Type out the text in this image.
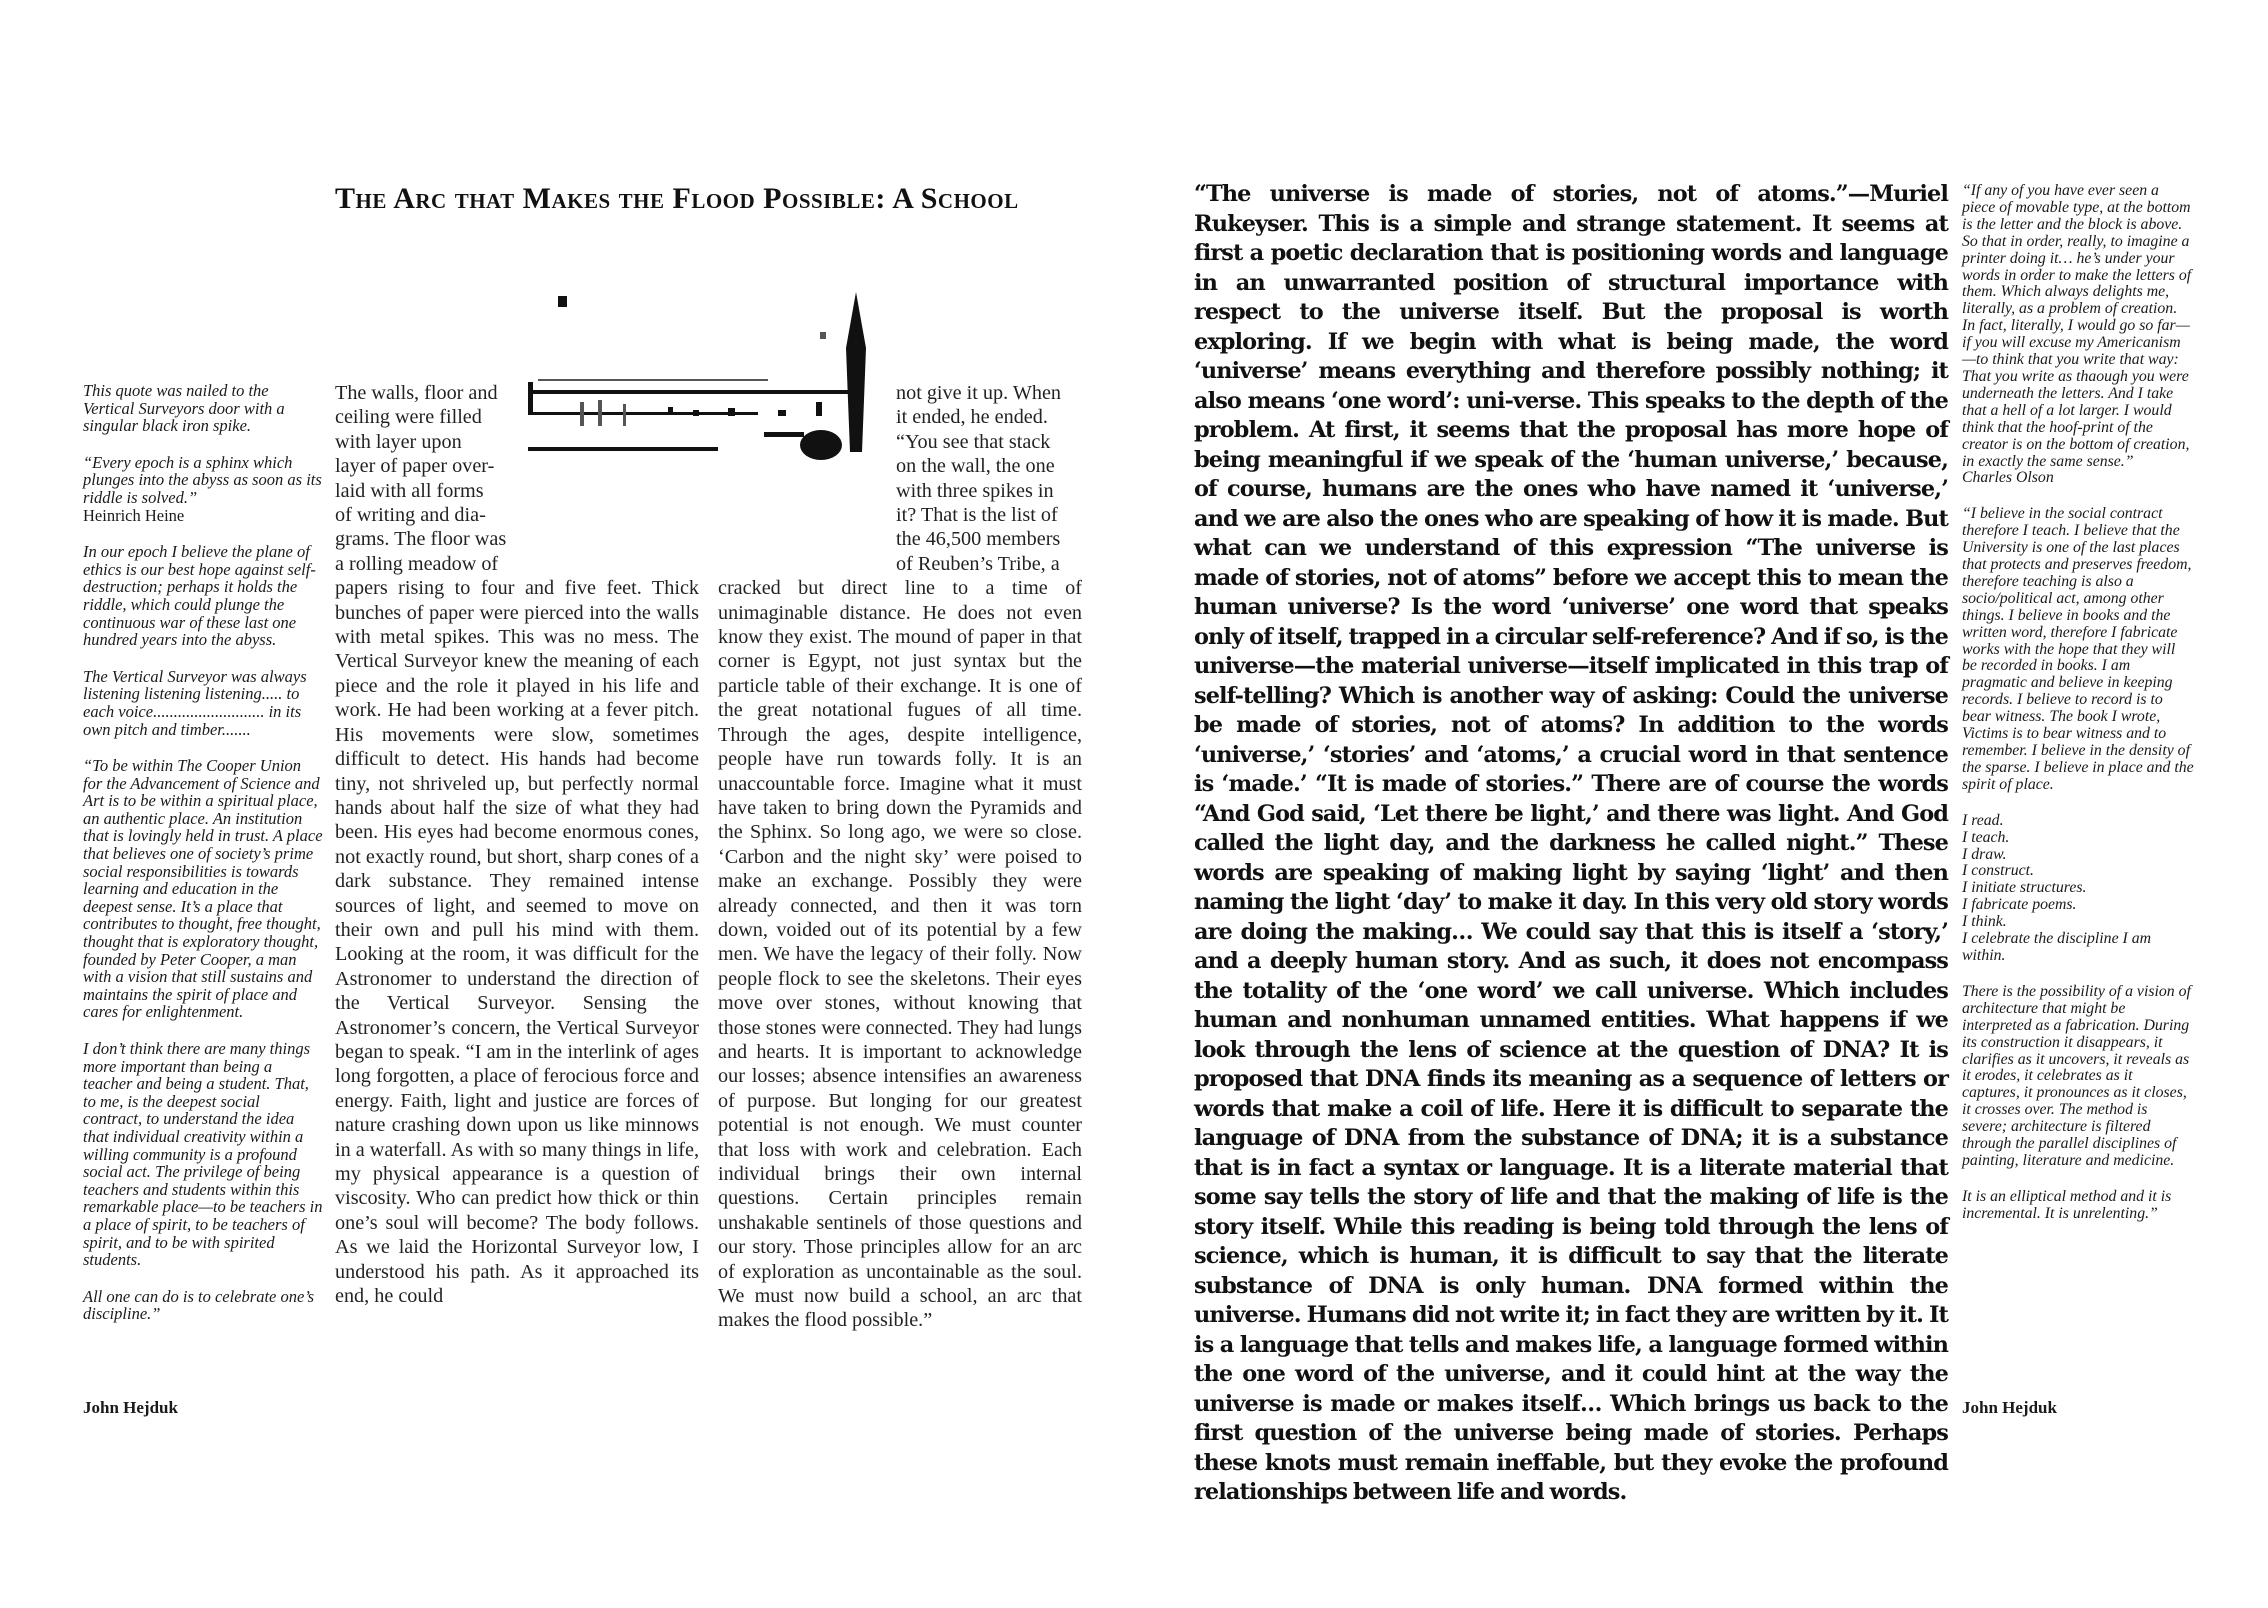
The Arc that Makes the Flood Possible: A School

This quote was nailed to the Vertical Surveyors door with a singular black iron spike.

“Every epoch is a sphinx which plunges into the abyss as soon as its riddle is solved.”
Heinrich Heine

In our epoch I believe the plane of ethics is our best hope against self-destruction; perhaps it holds the riddle, which could plunge the continuous war of these last one hundred years into the abyss.

The Vertical Surveyor was always listening listening listening..... to each voice........................... in its own pitch and timber.......

“To be within The Cooper Union for the Advancement of Science and Art is to be within a spiritual place, an authentic place. An institution that is lovingly held in trust. A place that believes one of society’s prime social responsibilities is towards learning and education in the deepest sense. It’s a place that contributes to thought, free thought, thought that is exploratory thought, founded by Peter Cooper, a man with a vision that still sustains and maintains the spirit of place and cares for enlightenment.

I don’t think there are many things more important than being a teacher and being a student. That, to me, is the deepest social contract, to understand the idea that individual creativity within a willing community is a profound social act. The privilege of being teachers and students within this remarkable place—to be teachers in a place of spirit, to be teachers of spirit, and to be with spirited students.

All one can do is to celebrate one’s discipline.”

John Hejduk
The walls, floor and
ceiling were filled
with layer upon
layer of paper over-
laid with all forms
of writing and dia-
grams. The floor was
a rolling meadow of
papers rising to four and five feet. Thick bunches of paper were pierced into the walls with metal spikes. This was no mess. The Vertical Surveyor knew the meaning of each piece and the role it played in his life and work. He had been working at a fever pitch. His movements were slow, sometimes difficult to detect. His hands had become tiny, not shriveled up, but perfectly normal hands about half the size of what they had been. His eyes had become enormous cones, not exactly round, but short, sharp cones of a dark substance. They remained intense sources of light, and seemed to move on their own and pull his mind with them. Looking at the room, it was difficult for the Astronomer to understand the direction of the Vertical Surveyor. Sensing the Astronomer’s concern, the Vertical Surveyor began to speak. “I am in the interlink of ages long forgotten, a place of ferocious force and energy. Faith, light and justice are forces of nature crashing down upon us like minnows in a waterfall. As with so many things in life, my physical appearance is a question of viscosity. Who can predict how thick or thin one’s soul will become? The body follows. As we laid the Horizontal Surveyor low, I understood his path. As it approached its end, he could
not give it up. When
it ended, he ended.
“You see that stack
on the wall, the one
with three spikes in
it? That is the list of
the 46,500 members
of Reuben’s Tribe, a
cracked but direct line to a time of unimaginable distance. He does not even know they exist. The mound of paper in that corner is Egypt, not just syntax but the particle table of their exchange. It is one of the great notational fugues of all time. Through the ages, despite intelligence, people have run towards folly. It is an unaccountable force. Imagine what it must have taken to bring down the Pyramids and the Sphinx. So long ago, we were so close. ‘Carbon and the night sky’ were poised to make an exchange. Possibly they were already connected, and then it was torn down, voided out of its potential by a few men. We have the legacy of their folly. Now people flock to see the skeletons. Their eyes move over stones, without knowing that those stones were connected. They had lungs and hearts. It is important to acknowledge our losses; absence intensifies an awareness of purpose. But longing for our greatest potential is not enough. We must counter that loss with work and celebration. Each individual brings their own internal questions. Certain principles remain unshakable sentinels of those questions and our story. Those principles allow for an arc of exploration as uncontainable as the soul. We must now build a school, an arc that makes the flood possible.”
“The universe is made of stories, not of atoms.”—Muriel Rukeyser. This is a simple and strange statement. It seems at first a poetic declaration that is positioning words and language in an unwarranted position of structural importance with respect to the universe itself. But the proposal is worth exploring. If we begin with what is being made, the word ‘universe’ means everything and therefore possibly nothing; it also means ‘one word’: uni-verse. This speaks to the depth of the problem. At first, it seems that the proposal has more hope of being meaningful if we speak of the ‘human universe,’ because, of course, humans are the ones who have named it ‘universe,’ and we are also the ones who are speaking of how it is made. But what can we understand of this expression “The universe is made of stories, not of atoms” before we accept this to mean the human universe? Is the word ‘universe’ one word that speaks only of itself, trapped in a circular self-reference? And if so, is the universe—the material universe—itself implicated in this trap of self-telling? Which is another way of asking: Could the universe be made of stories, not of atoms? In addition to the words ‘universe,’ ‘stories’ and ‘atoms,’ a crucial word in that sentence is ‘made.’ “It is made of stories.” There are of course the words “And God said, ‘Let there be light,’ and there was light. And God called the light day, and the darkness he called night.” These words are speaking of making light by saying ‘light’ and then naming the light ‘day’ to make it day. In this very old story words are doing the making… We could say that this is itself a ‘story,’ and a deeply human story. And as such, it does not encompass the totality of the ‘one word’ we call universe. Which includes human and nonhuman unnamed entities. What happens if we look through the lens of science at the question of DNA? It is proposed that DNA finds its meaning as a sequence of letters or words that make a coil of life. Here it is difficult to separate the language of DNA from the substance of DNA; it is a substance that is in fact a syntax or language. It is a literate material that some say tells the story of life and that the making of life is the story itself. While this reading is being told through the lens of science, which is human, it is difficult to say that the literate substance of DNA is only human. DNA formed within the universe. Humans did not write it; in fact they are written by it. It is a language that tells and makes life, a language formed within the one word of the universe, and it could hint at the way the universe is made or makes itself… Which brings us back to the first question of the universe being made of stories. Perhaps these knots must remain ineffable, but they evoke the profound relationships between life and words.

“If any of you have ever seen a piece of movable type, at the bottom is the letter and the block is above. So that in order, really, to imagine a printer doing it… he’s under your words in order to make the letters of them. Which always delights me, literally, as a problem of creation. In fact, literally, I would go so far—if you will excuse my Americanism—to think that you write that way: That you write as thaough you were underneath the letters. And I take that a hell of a lot larger. I would think that the hoof-print of the creator is on the bottom of creation, in exactly the same sense.”
Charles Olson

“I believe in the social contract therefore I teach. I believe that the University is one of the last places that protects and preserves freedom, therefore teaching is also a socio/political act, among other things. I believe in books and the written word, therefore I fabricate works with the hope that they will be recorded in books. I am pragmatic and believe in keeping records. I believe to record is to bear witness. The book I wrote, Victims is to bear witness and to remember. I believe in the density of the sparse. I believe in place and the spirit of place.

I read.

I teach.

I draw.

I construct.

I initiate structures.

I fabricate poems.

I think.

I celebrate the discipline I am within.

There is the possibility of a vision of architecture that might be interpreted as a fabrication. During its construction it disappears, it clarifies as it uncovers, it reveals as it erodes, it celebrates as it captures, it pronounces as it closes, it crosses over. The method is severe; architecture is filtered through the parallel disciplines of painting, literature and medicine.

It is an elliptical method and it is incremental. It is unrelenting.”

John Hejduk
